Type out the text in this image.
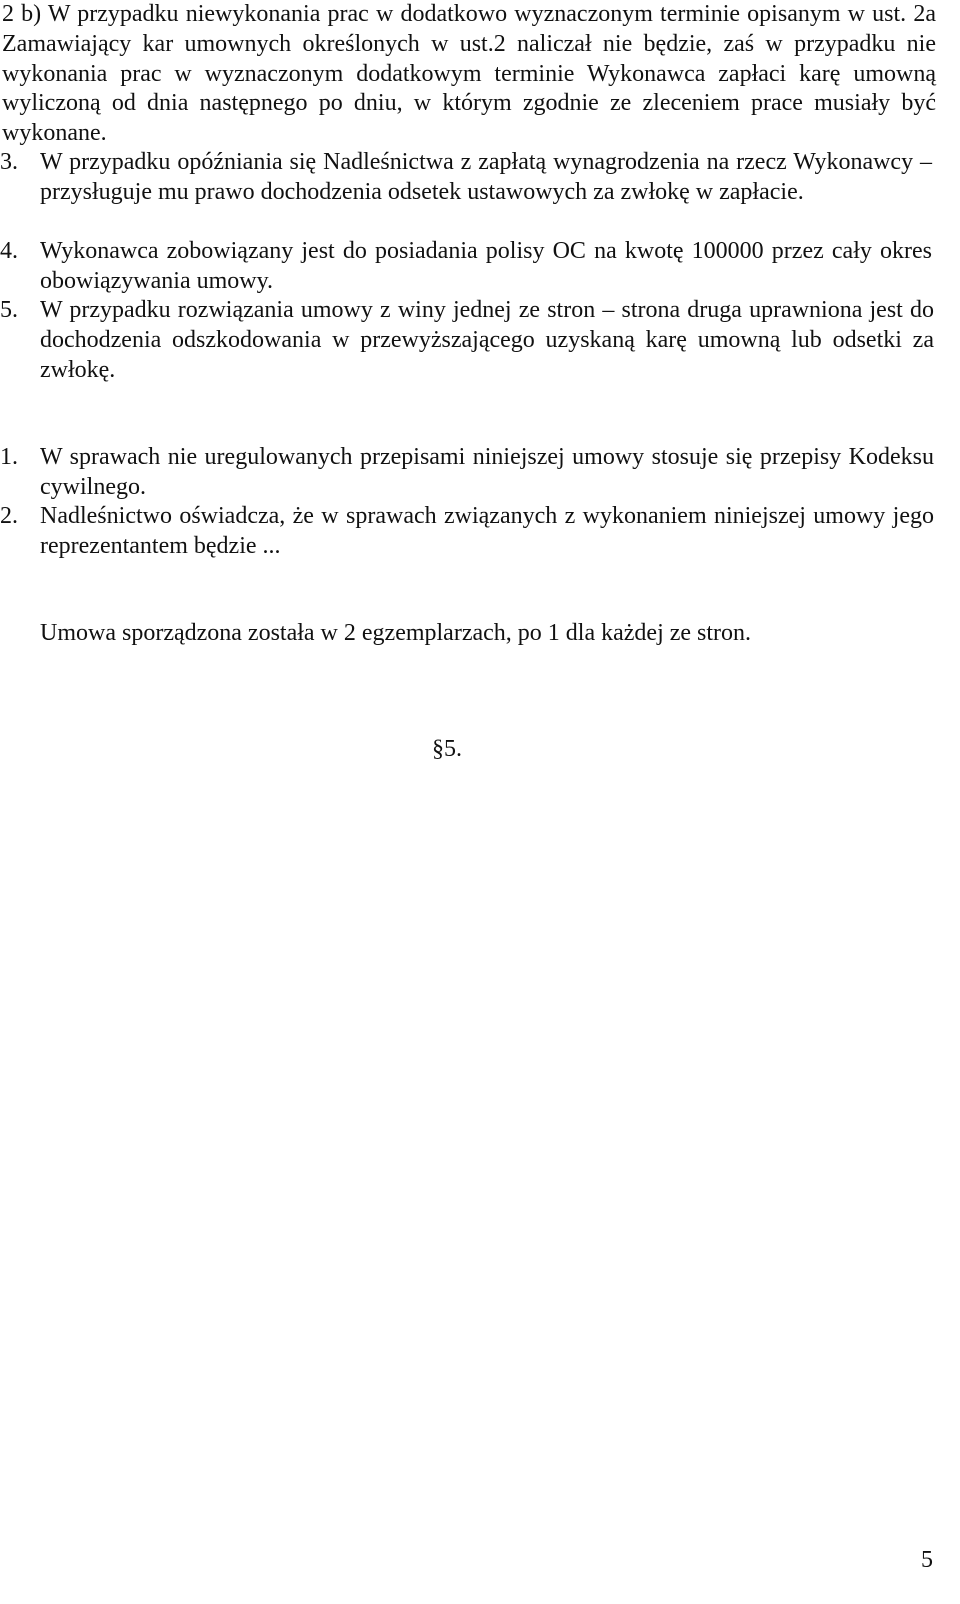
2 b) W przypadku niewykonania prac w dodatkowo wyznaczonym terminie opisanym w ust. 2a Zamawiający kar umownych określonych w ust.2 naliczał nie będzie, zaś w przypadku nie wykonania prac w wyznaczonym dodatkowym terminie Wykonawca zapłaci karę umowną wyliczoną od dnia następnego po dniu, w którym zgodnie ze zleceniem prace musiały być wykonane.
3. W przypadku opóźniania się Nadleśnictwa z zapłatą wynagrodzenia na rzecz Wykonawcy – przysługuje mu prawo dochodzenia odsetek ustawowych za zwłokę w zapłacie.
4. Wykonawca zobowiązany jest do posiadania polisy OC na kwotę 100000 przez cały okres obowiązywania umowy.
5. W przypadku rozwiązania umowy z winy jednej ze stron – strona druga uprawniona jest do dochodzenia odszkodowania w przewyższającego uzyskaną karę umowną lub odsetki za zwłokę.
§5.
1. W sprawach nie uregulowanych przepisami niniejszej umowy stosuje się przepisy Kodeksu cywilnego.
2. Nadleśnictwo oświadcza, że w sprawach związanych z wykonaniem niniejszej umowy jego reprezentantem będzie ...
Umowa sporządzona została w 2 egzemplarzach, po 1 dla każdej ze stron.
5
